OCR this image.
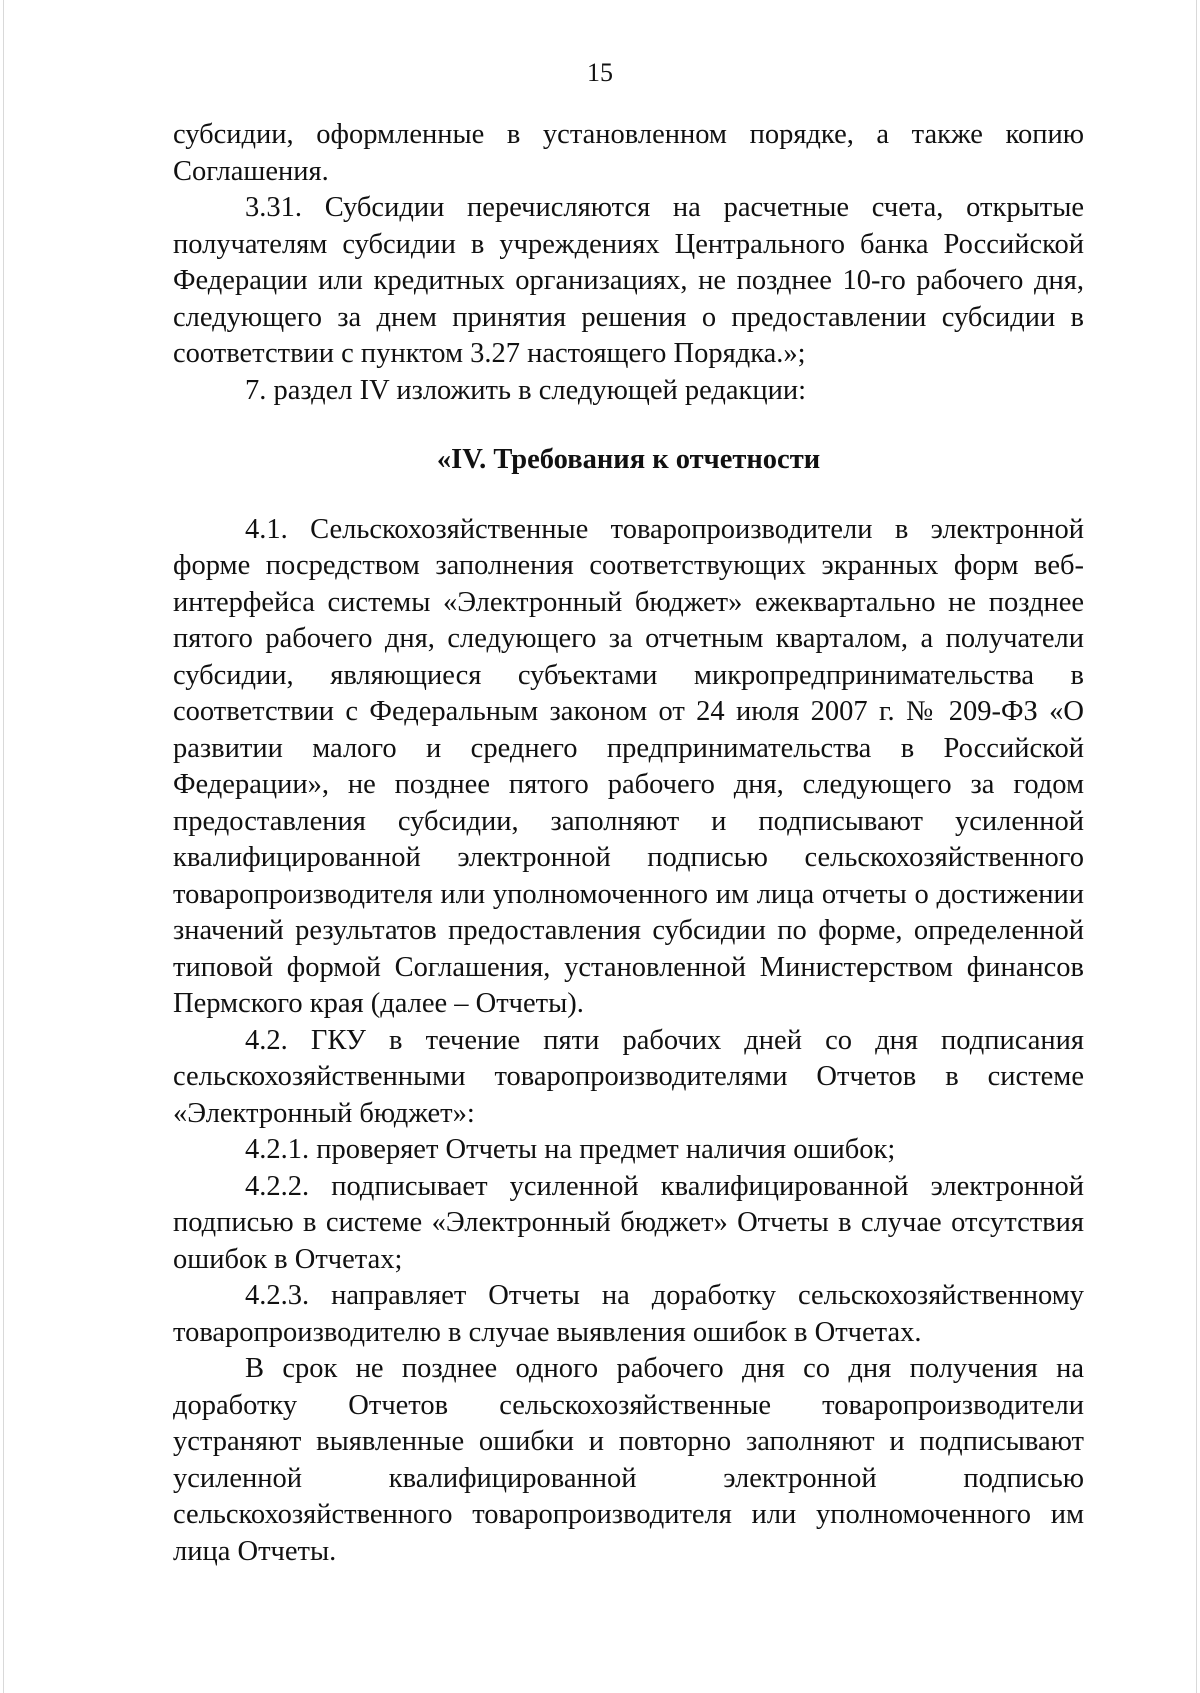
15

субсидии, оформленные в установленном порядке, а также копию Соглашения.

3.31. Субсидии перечисляются на расчетные счета, открытые получателям субсидии в учреждениях Центрального банка Российской Федерации или кредитных организациях, не позднее 10-го рабочего дня, следующего за днем принятия решения о предоставлении субсидии в соответствии с пунктом 3.27 настоящего Порядка.»;

7. раздел IV изложить в следующей редакции:

«IV. Требования к отчетности

4.1. Сельскохозяйственные товаропроизводители в электронной форме посредством заполнения соответствующих экранных форм веб-интерфейса системы «Электронный бюджет» ежеквартально не позднее пятого рабочего дня, следующего за отчетным кварталом, а получатели субсидии, являющиеся субъектами микропредпринимательства в соответствии с Федеральным законом от 24 июля 2007 г. № 209-ФЗ «О развитии малого и среднего предпринимательства в Российской Федерации», не позднее пятого рабочего дня, следующего за годом предоставления субсидии, заполняют и подписывают усиленной квалифицированной электронной подписью сельскохозяйственного товаропроизводителя или уполномоченного им лица отчеты о достижении значений результатов предоставления субсидии по форме, определенной типовой формой Соглашения, установленной Министерством финансов Пермского края (далее – Отчеты).

4.2. ГКУ в течение пяти рабочих дней со дня подписания сельскохозяйственными товаропроизводителями Отчетов в системе «Электронный бюджет»:

4.2.1. проверяет Отчеты на предмет наличия ошибок;

4.2.2. подписывает усиленной квалифицированной электронной подписью в системе «Электронный бюджет» Отчеты в случае отсутствия ошибок в Отчетах;

4.2.3. направляет Отчеты на доработку сельскохозяйственному товаропроизводителю в случае выявления ошибок в Отчетах.

В срок не позднее одного рабочего дня со дня получения на доработку Отчетов сельскохозяйственные товаропроизводители устраняют выявленные ошибки и повторно заполняют и подписывают усиленной квалифицированной электронной подписью сельскохозяйственного товаропроизводителя или уполномоченного им лица Отчеты.
